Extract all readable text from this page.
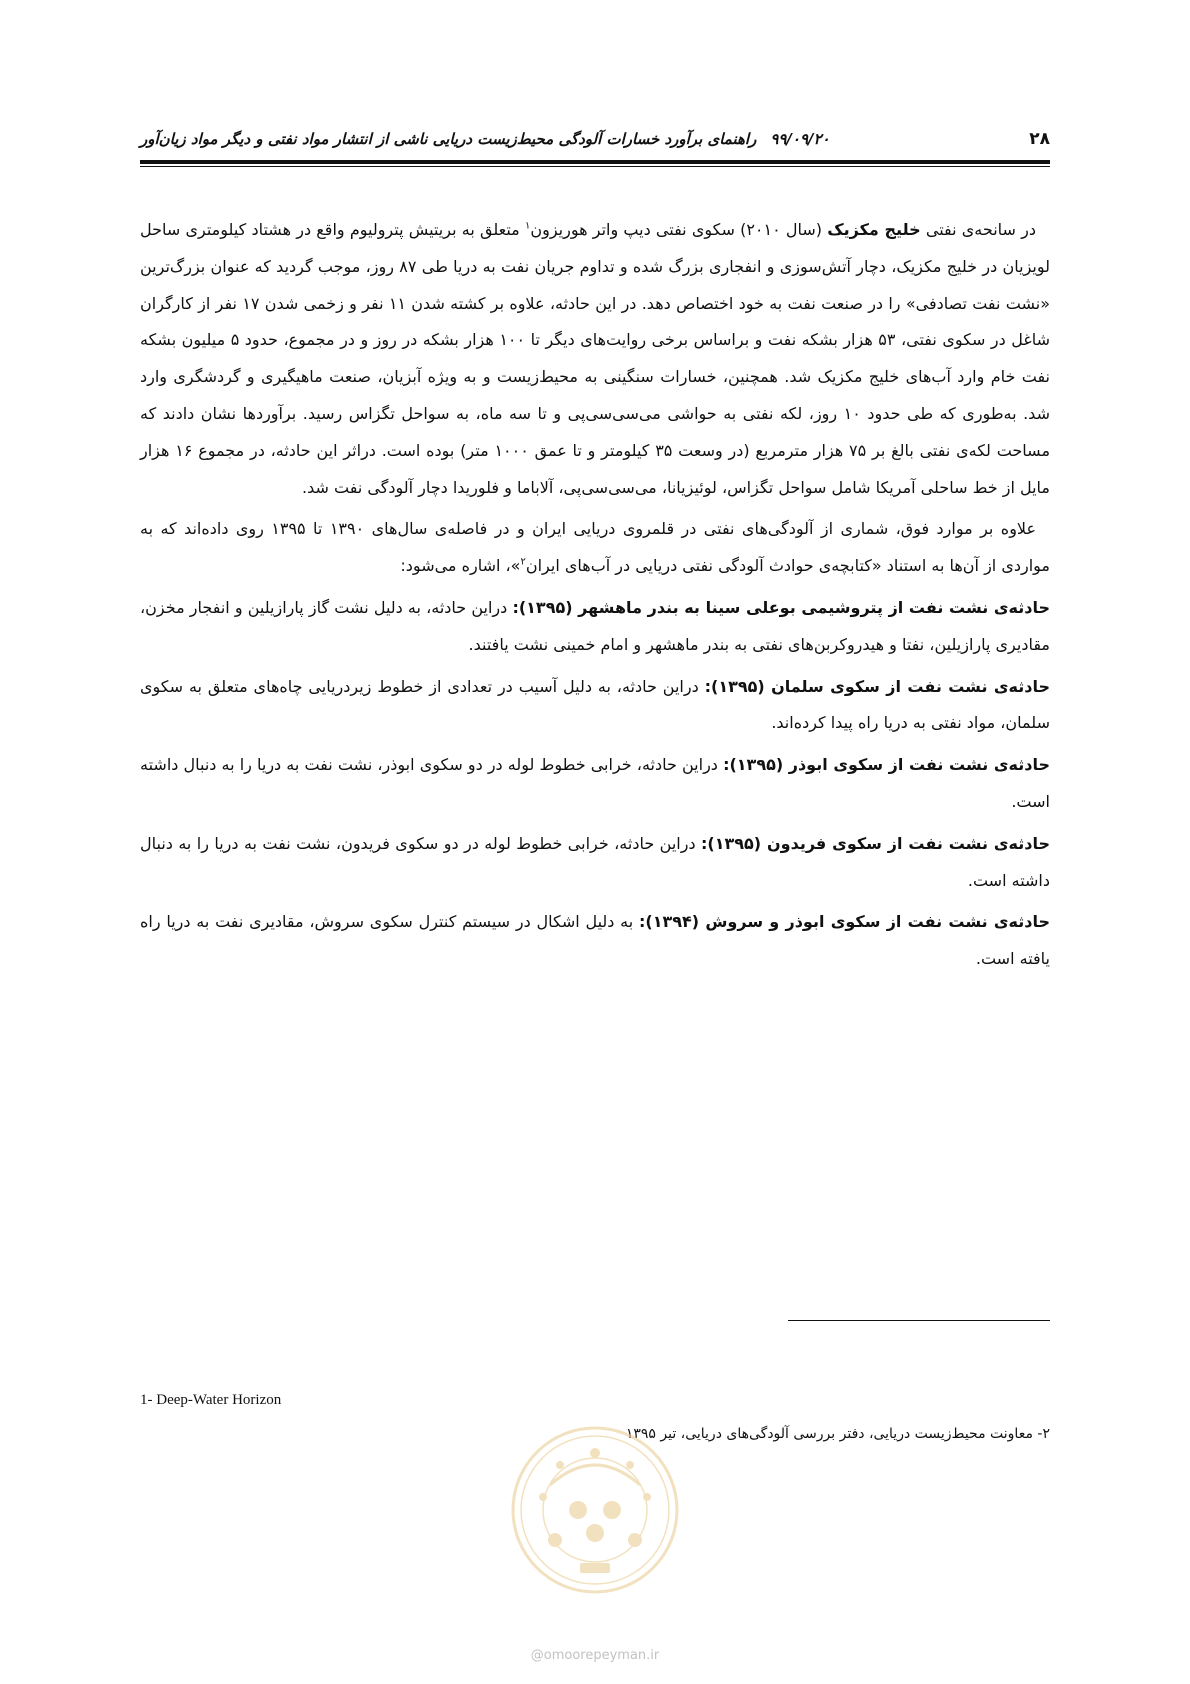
۲۸
۹۹/۰۹/۲۰راهنمای برآورد خسارات آلودگی محیط‌زیست دریایی ناشی از انتشار مواد نفتی و دیگر مواد زیان‌آور

در سانحه‌ی نفتی خلیج مکزیک (سال ۲۰۱۰) سکوی نفتی دیپ واتر هوریزون$^۱$ متعلق به بریتیش پترولیوم واقع در هشتاد کیلومتری ساحل لویزیان در خلیج مکزیک، دچار آتش‌سوزی و انفجاری بزرگ شده و تداوم جریان نفت به دریا طی ۸۷ روز، موجب گردید که عنوان بزرگ‌ترین «نشت نفت تصادفی» را در صنعت نفت به خود اختصاص دهد. در این حادثه، علاوه بر کشته شدن ۱۱ نفر و زخمی شدن ۱۷ نفر از کارگران شاغل در سکوی نفتی، ۵۳ هزار بشکه نفت و براساس برخی روایت‌های دیگر تا ۱۰۰ هزار بشکه در روز و در مجموع، حدود ۵ میلیون بشکه نفت خام وارد آب‌های خلیج مکزیک شد. همچنین، خسارات سنگینی به محیط‌زیست و به ویژه آبزیان، صنعت ماهیگیری و گردشگری وارد شد. به‌طوری که طی حدود ۱۰ روز، لکه نفتی به حواشی می‌سی‌سی‌پی و تا سه ماه، به سواحل تگزاس رسید. برآوردها نشان دادند که مساحت لکه‌ی نفتی بالغ بر ۷۵ هزار مترمربع (در وسعت ۳۵ کیلومتر و تا عمق ۱۰۰۰ متر) بوده است. دراثر این حادثه، در مجموع ۱۶ هزار مایل از خط ساحلی آمریکا شامل سواحل تگزاس، لوئیزیانا، می‌سی‌سی‌پی، آلاباما و فلوریدا دچار آلودگی نفت شد.

علاوه بر موارد فوق، شماری از آلودگی‌های نفتی در قلمروی دریایی ایران و در فاصله‌ی سال‌های ۱۳۹۰ تا ۱۳۹۵ روی داده‌اند که به مواردی از آن‌ها به استناد «کتابچه‌ی حوادث آلودگی نفتی دریایی در آب‌های ایران$^۲$»، اشاره می‌شود:

حادثه‌ی نشت نفت از پتروشیمی بوعلی سینا به بندر ماهشهر (۱۳۹۵): دراین حادثه، به دلیل نشت گاز پارازیلین و انفجار مخزن، مقادیری پارازیلین، نفتا و هیدروکربن‌های نفتی به بندر ماهشهر و امام خمینی نشت یافتند.

حادثه‌ی نشت نفت از سکوی سلمان (۱۳۹۵): دراین حادثه، به دلیل آسیب در تعدادی از خطوط زیردریایی چاه‌های متعلق به سکوی سلمان، مواد نفتی به دریا راه پیدا کرده‌اند.

حادثه‌ی نشت نفت از سکوی ابوذر (۱۳۹۵): دراین حادثه، خرابی خطوط لوله در دو سکوی ابوذر، نشت نفت به دریا را به دنبال داشته است.

حادثه‌ی نشت نفت از سکوی فریدون (۱۳۹۵): دراین حادثه، خرابی خطوط لوله در دو سکوی فریدون، نشت نفت به دریا را به دنبال داشته است.

حادثه‌ی نشت نفت از سکوی ابوذر و سروش (۱۳۹۴): به دلیل اشکال در سیستم کنترل سکوی سروش، مقادیری نفت به دریا راه یافته است.

1- Deep-Water Horizon
۲- معاونت محیط‌زیست دریایی، دفتر بررسی آلودگی‌های دریایی، تیر ۱۳۹۵
@omoorepeyman.ir
